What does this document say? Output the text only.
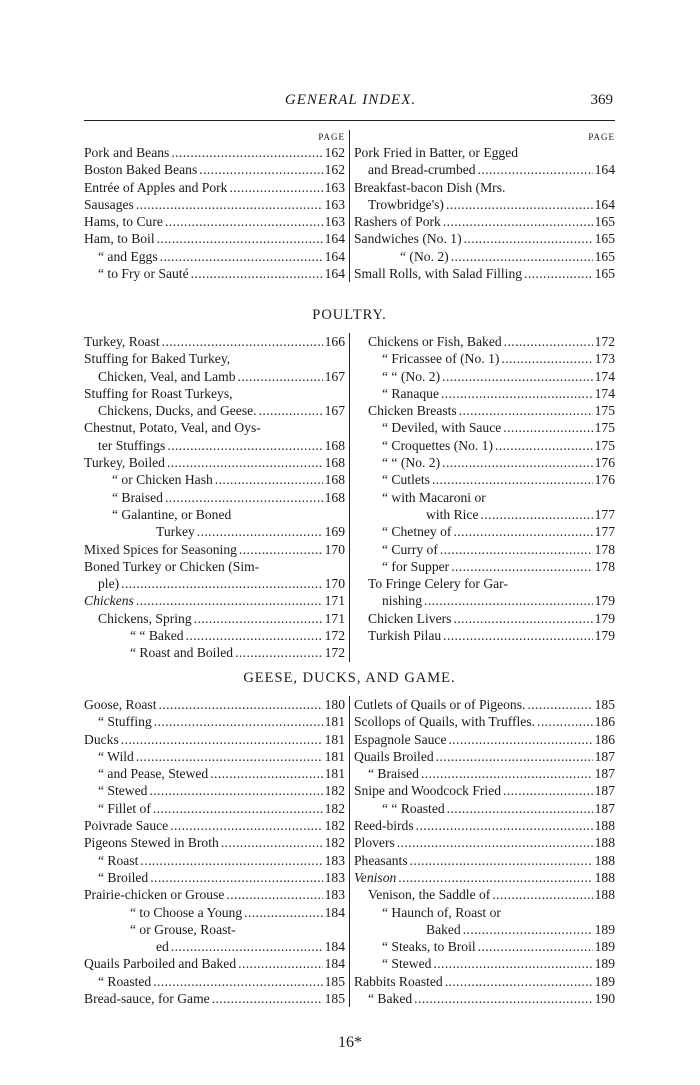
GENERAL INDEX.	369
PAGE
Pork and Beans . . .	162
Boston Baked Beans . . .	162
Entrée of Apples and Pork . . .	163
Sausages . . .	163
Hams, to Cure . . .	163
Ham, to Boil . . .	164
“ and Eggs . . .	164
“ to Fry or Sauté . . .	164
PAGE
Pork Fried in Batter, or Egged
and Bread-crumbed . . .	164
Breakfast-bacon Dish (Mrs.
Trowbridge's) . . .	164
Rashers of Pork . . .	165
Sandwiches (No. 1) . . .	165
“ (No. 2) . . .	165
Small Rolls, with Salad Filling . . .	165
POULTRY.
Turkey, Roast . . .	166
Stuffing for Baked Turkey,
Chicken, Veal, and Lamb . . .	167
Stuffing for Roast Turkeys,
Chickens, Ducks, and Geese. . . .	167
Chestnut, Potato, Veal, and Oys-
ter Stuffings . . .	168
Turkey, Boiled . . .	168
“ or Chicken Hash . . .	168
“ Braised . . .	168
“ Galantine, or Boned
Turkey . . .	169
Mixed Spices for Seasoning . . .	170
Boned Turkey or Chicken (Sim-
ple) . . .	170
Chickens . . .	171
Chickens, Spring . . .	171
“ “ Baked . . .	172
“ Roast and Boiled . . .	172
Chickens or Fish, Baked . . .	172
“ Fricassee of (No. 1) . . .	173
“ “ (No. 2) . . .	174
“ Ranaque . . .	174
Chicken Breasts . . .	175
“ Deviled, with Sauce . . .	175
“ Croquettes (No. 1) . . .	175
“ “ (No. 2) . . .	176
“ Cutlets . . .	176
“ with Macaroni or
with Rice . . .	177
“ Chetney of . . .	177
“ Curry of . . .	178
“ for Supper . . .	178
To Fringe Celery for Gar-
nishing . . .	179
Chicken Livers . . .	179
Turkish Pilau . . .	179
GEESE, DUCKS, AND GAME.
Goose, Roast . . .	180
“ Stuffing . . .	181
Ducks . . .	181
“ Wild . . .	181
“ and Pease, Stewed . . .	181
“ Stewed . . .	182
“ Fillet of . . .	182
Poivrade Sauce . . .	182
Pigeons Stewed in Broth . . .	182
“ Roast . . .	183
“ Broiled . . .	183
Prairie-chicken or Grouse . . .	183
“ to Choose a Young . . .	184
“ or Grouse, Roast-
ed . . .	184
Quails Parboiled and Baked . . .	184
“ Roasted . . .	185
Bread-sauce, for Game . . .	185
Cutlets of Quails or of Pigeons. . . .	185
Scollops of Quails, with Truffles. . . .	186
Espagnole Sauce . . .	186
Quails Broiled . . .	187
“ Braised . . .	187
Snipe and Woodcock Fried . . .	187
“ “ Roasted . . .	187
Reed-birds . . .	188
Plovers . . .	188
Pheasants . . .	188
Venison . . .	188
Venison, the Saddle of . . .	188
“ Haunch of, Roast or
Baked . . .	189
“ Steaks, to Broil . . .	189
“ Stewed . . .	189
Rabbits Roasted . . .	189
“ Baked . . .	190
16*
